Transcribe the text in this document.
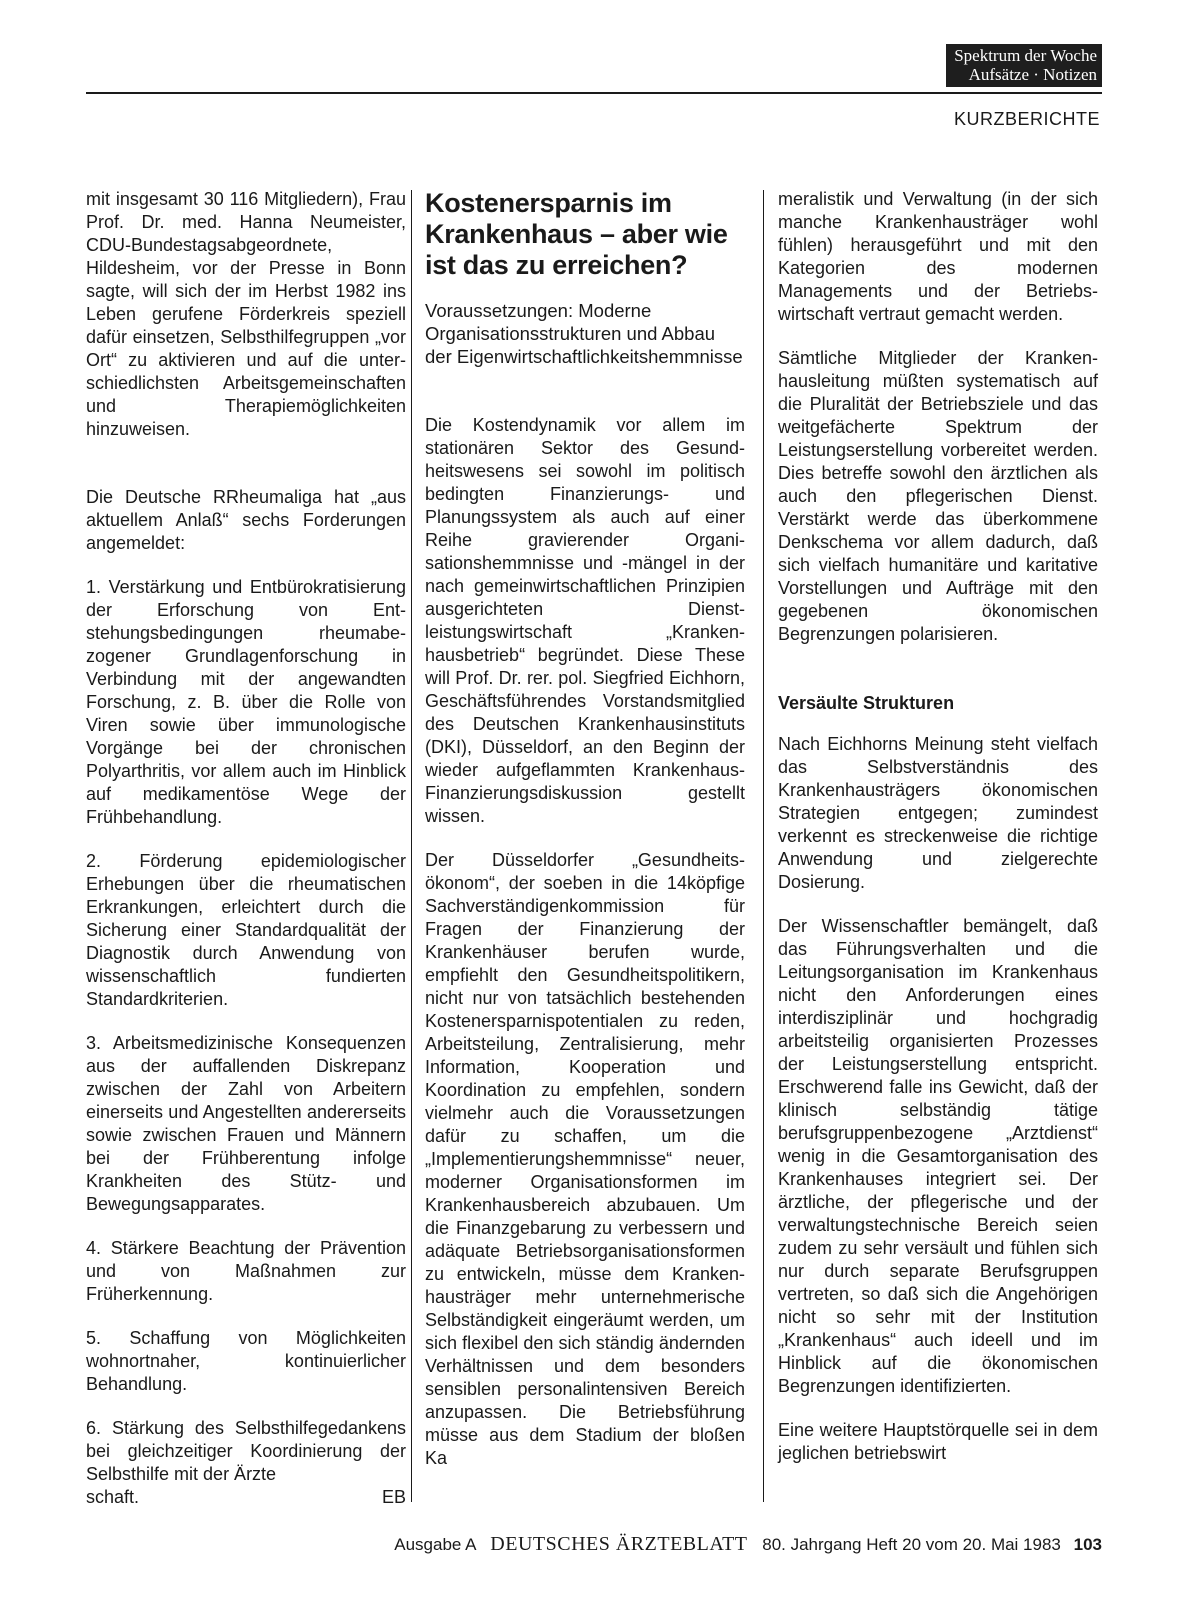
Spektrum der Woche
Aufsätze · Notizen
KURZBERICHTE

mit insgesamt 30 116 Mitgliedern), Frau Prof. Dr. med. Hanna Neumeister, CDU-Bundestagsabgeordnete, Hildesheim, vor der Presse in Bonn sagte, will sich der im Herbst 1982 ins Leben gerufene Förderkreis speziell dafür einsetzen, Selbsthilfegruppen „vor Ort“ zu aktivieren und auf die unterschiedlichsten Arbeitsgemeinschaften und Therapiemöglichkeiten hinzuweisen.

Die Deutsche RRheumaliga hat „aus aktuellem Anlaß“ sechs Forderungen angemeldet:

1. Verstärkung und Entbürokratisierung der Erforschung von Entstehungsbedingungen rheumabezogener Grundlagenforschung in Verbindung mit der angewandten Forschung, z. B. über die Rolle von Viren sowie über immunologische Vorgänge bei der chronischen Polyarthritis, vor allem auch im Hinblick auf medikamentöse Wege der Frühbehandlung.

2. Förderung epidemiologischer Erhebungen über die rheumatischen Erkrankungen, erleichtert durch die Sicherung einer Standardqualität der Diagnostik durch Anwendung von wissenschaftlich fundierten Standardkriterien.

3. Arbeitsmedizinische Konsequenzen aus der auffallenden Diskrepanz zwischen der Zahl von Arbeitern einerseits und Angestellten andererseits sowie zwischen Frauen und Männern bei der Frühberentung infolge Krankheiten des Stütz- und Bewegungsapparates.

4. Stärkere Beachtung der Prävention und von Maßnahmen zur Früherkennung.

5. Schaffung von Möglichkeiten wohnortnaher, kontinuierlicher Behandlung.

6. Stärkung des Selbsthilfegedankens bei gleichzeitiger Koordinierung der Selbsthilfe mit der Ärzte

schaft.	EB
Kostenersparnis im Krankenhaus – aber wie ist das zu erreichen?

Voraussetzungen: Moderne Organisationsstrukturen und Abbau der Eigenwirtschaftlichkeitshemmnisse

Die Kostendynamik vor allem im stationären Sektor des Gesundheitswesens sei sowohl im politisch bedingten Finanzierungs- und Planungssystem als auch auf einer Reihe gravierender Organisationshemmnisse und -mängel in der nach gemeinwirtschaftlichen Prinzipien ausgerichteten Dienstleistungswirtschaft „Krankenhausbetrieb“ begründet. Diese These will Prof. Dr. rer. pol. Siegfried Eichhorn, Geschäftsführendes Vorstandsmitglied des Deutschen Krankenhausinstituts (DKI), Düsseldorf, an den Beginn der wieder aufgeflammten Krankenhaus-Finanzierungsdiskussion gestellt wissen.

Der Düsseldorfer „Gesundheitsökonom“, der soeben in die 14köpfige Sachverständigenkommission für Fragen der Finanzierung der Krankenhäuser berufen wurde, empfiehlt den Gesundheitspolitikern, nicht nur von tatsächlich bestehenden Kostenersparnispotentialen zu reden, Arbeitsteilung, Zentralisierung, mehr Information, Kooperation und Koordination zu empfehlen, sondern vielmehr auch die Voraussetzungen dafür zu schaffen, um die „Implementierungshemmnisse“ neuer, moderner Organisationsformen im Krankenhausbereich abzubauen. Um die Finanzgebarung zu verbessern und adäquate Betriebsorganisationsformen zu entwickeln, müsse dem Krankenhausträger mehr unternehmerische Selbständigkeit eingeräumt werden, um sich flexibel den sich ständig ändernden Verhältnissen und dem besonders sensiblen personalintensiven Bereich anzupassen. Die Betriebsführung müsse aus dem Stadium der bloßen Ka

meralistik und Verwaltung (in der sich manche Krankenhausträger wohl fühlen) herausgeführt und mit den Kategorien des modernen Managements und der Betriebswirtschaft vertraut gemacht werden.

Sämtliche Mitglieder der Krankenhausleitung müßten systematisch auf die Pluralität der Betriebsziele und das weitgefächerte Spektrum der Leistungserstellung vorbereitet werden. Dies betreffe sowohl den ärztlichen als auch den pflegerischen Dienst. Verstärkt werde das überkommene Denkschema vor allem dadurch, daß sich vielfach humanitäre und karitative Vorstellungen und Aufträge mit den gegebenen ökonomischen Begrenzungen polarisieren.

Versäulte Strukturen

Nach Eichhorns Meinung steht vielfach das Selbstverständnis des Krankenhausträgers ökonomischen Strategien entgegen; zumindest verkennt es streckenweise die richtige Anwendung und zielgerechte Dosierung.

Der Wissenschaftler bemängelt, daß das Führungsverhalten und die Leitungsorganisation im Krankenhaus nicht den Anforderungen eines interdisziplinär und hochgradig arbeitsteilig organisierten Prozesses der Leistungserstellung entspricht. Erschwerend falle ins Gewicht, daß der klinisch selbständig tätige berufsgruppenbezogene „Arztdienst“ wenig in die Gesamtorganisation des Krankenhauses integriert sei. Der ärztliche, der pflegerische und der verwaltungstechnische Bereich seien zudem zu sehr versäult und fühlen sich nur durch separate Berufsgruppen vertreten, so daß sich die Angehörigen nicht so sehr mit der Institution „Krankenhaus“ auch ideell und im Hinblick auf die ökonomischen Begrenzungen identifizierten.

Eine weitere Hauptstörquelle sei in dem jeglichen betriebswirt

Ausgabe A DEUTSCHES ÄRZTEBLATT 80. Jahrgang Heft 20 vom 20. Mai 1983 103
